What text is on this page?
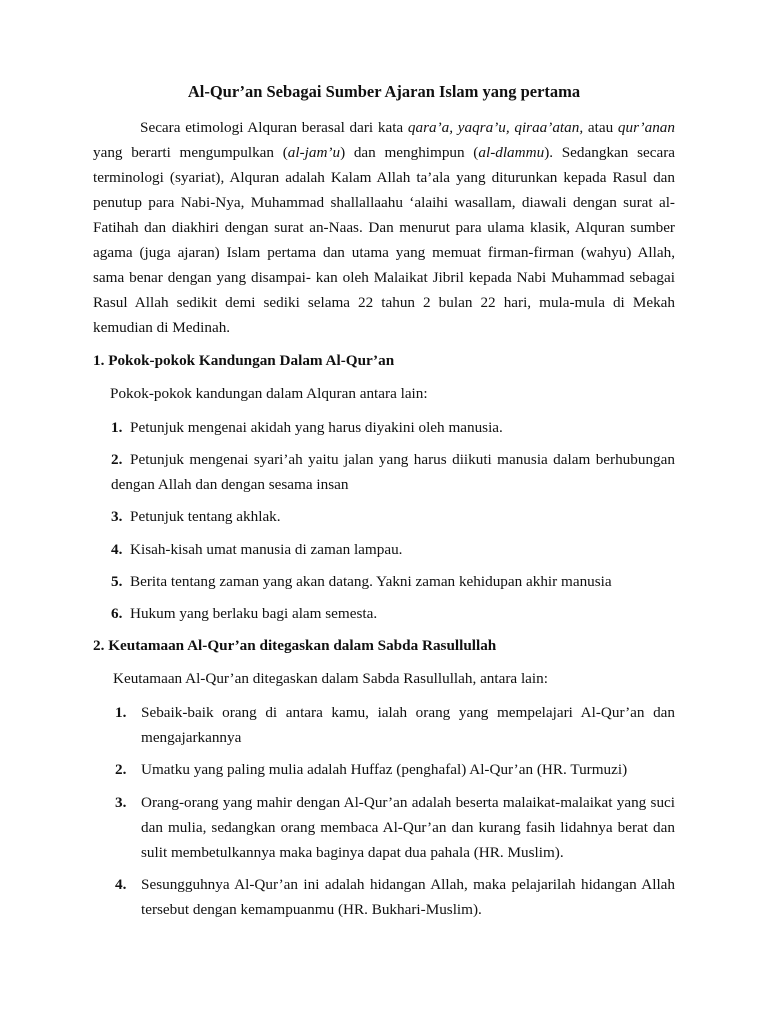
Al-Qur’an Sebagai Sumber Ajaran Islam yang pertama

Secara etimologi Alquran berasal dari kata qara’a, yaqra’u, qiraa’atan, atau qur’anan yang berarti mengumpulkan (al-jam’u) dan menghimpun (al-dlammu). Sedangkan secara terminologi (syariat), Alquran adalah Kalam Allah ta’ala yang diturunkan kepada Rasul dan penutup para Nabi-Nya, Muhammad shallallaahu ‘alaihi wasallam, diawali dengan surat al-Fatihah dan diakhiri dengan surat an-Naas. Dan menurut para ulama klasik, Alquran sumber agama (juga ajaran) Islam pertama dan utama yang memuat firman-firman (wahyu) Allah, sama benar dengan yang disampai- kan oleh Malaikat Jibril kepada Nabi Muhammad sebagai Rasul Allah sedikit demi sediki selama 22 tahun 2 bulan 22 hari, mula-mula di Mekah kemudian di Medinah.

1. Pokok-pokok Kandungan Dalam Al-Qur’an

Pokok-pokok kandungan dalam Alquran antara lain:

1. Petunjuk mengenai akidah yang harus diyakini oleh manusia.

2. Petunjuk mengenai syari’ah yaitu jalan yang harus diikuti manusia dalam berhubungan dengan Allah dan dengan sesama insan

3. Petunjuk tentang akhlak.

4. Kisah-kisah umat manusia di zaman lampau.

5. Berita tentang zaman yang akan datang. Yakni zaman kehidupan akhir manusia

6. Hukum yang berlaku bagi alam semesta.

2. Keutamaan Al-Qur’an ditegaskan dalam Sabda Rasullullah

Keutamaan Al-Qur’an ditegaskan dalam Sabda Rasullullah, antara lain:

1. Sebaik-baik orang di antara kamu, ialah orang yang mempelajari Al-Qur’an dan mengajarkannya

2. Umatku yang paling mulia adalah Huffaz (penghafal) Al-Qur’an (HR. Turmuzi)

3. Orang-orang yang mahir dengan Al-Qur’an adalah beserta malaikat-malaikat yang suci dan mulia, sedangkan orang membaca Al-Qur’an dan kurang fasih lidahnya berat dan sulit membetulkannya maka baginya dapat dua pahala (HR. Muslim).

4. Sesungguhnya Al-Qur’an ini adalah hidangan Allah, maka pelajarilah hidangan Allah tersebut dengan kemampuanmu (HR. Bukhari-Muslim).
